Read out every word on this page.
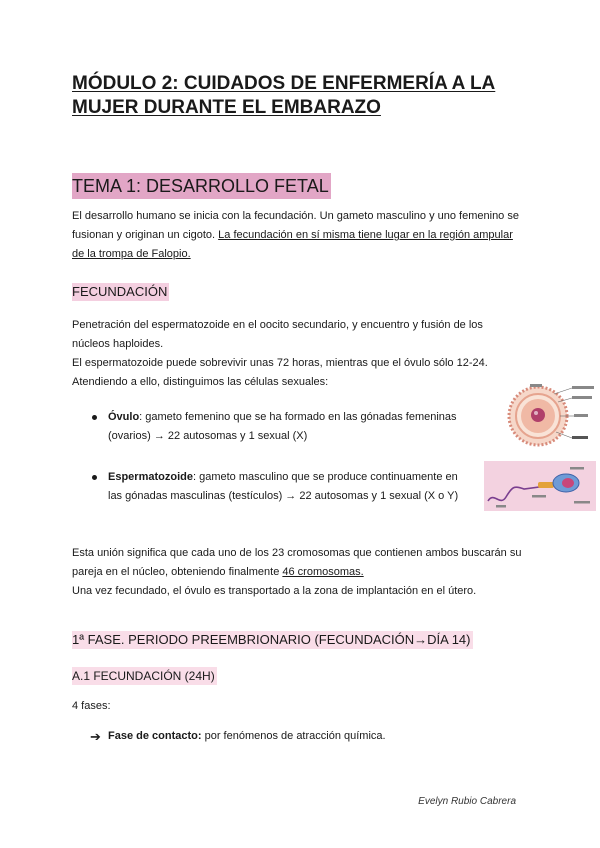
MÓDULO 2: CUIDADOS DE ENFERMERÍA A LA
MUJER DURANTE EL EMBARAZO
TEMA 1: DESARROLLO FETAL
El desarrollo humano se inicia con la fecundación. Un gameto masculino y uno femenino se
fusionan y originan un cigoto. La fecundación en sí misma tiene lugar en la región ampular
de la trompa de Falopio.
FECUNDACIÓN
Penetración del espermatozoide en el oocito secundario, y encuentro y fusión de los
núcleos haploides.
El espermatozoide puede sobrevivir unas 72 horas, mientras que el óvulo sólo 12-24.
Atendiendo a ello, distinguimos las células sexuales:
Óvulo: gameto femenino que se ha formado en las gónadas femeninas
(ovarios) → 22 autosomas y 1 sexual (X)
Espermatozoide: gameto masculino que se produce continuamente en
las gónadas masculinas (testículos) → 22 autosomas y 1 sexual (X o Y)
Esta unión significa que cada uno de los 23 cromosomas que contienen ambos buscarán su
pareja en el núcleo, obteniendo finalmente 46 cromosomas.
Una vez fecundado, el óvulo es transportado a la zona de implantación en el útero.
1ª FASE. PERIODO PREEMBRIONARIO (FECUNDACIÓN→DÍA 14)
A.1 FECUNDACIÓN (24H)
4 fases:
➔ Fase de contacto: por fenómenos de atracción química.
Evelyn Rubio Cabrera
